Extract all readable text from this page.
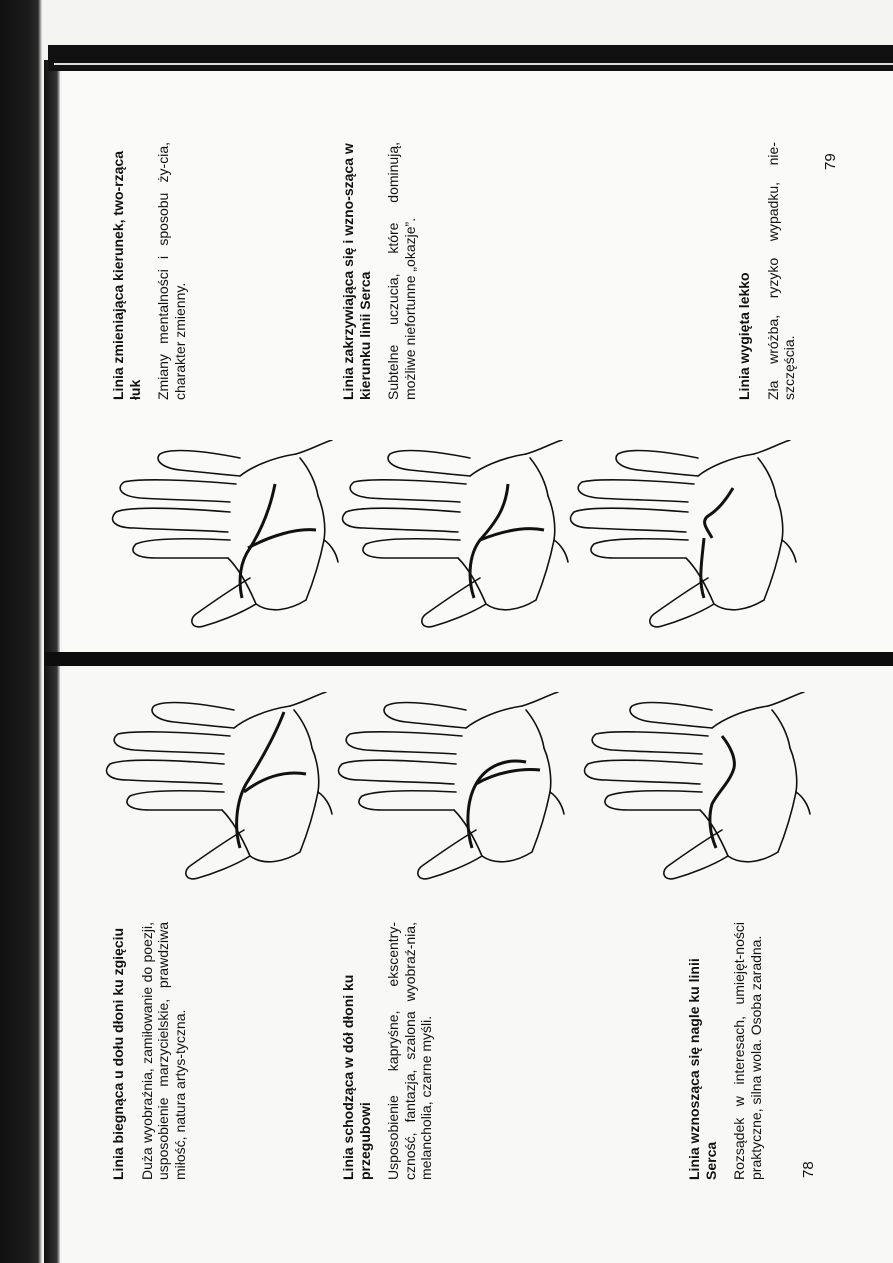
Linia zmieniająca kierunek, two-rząca łuk Zmiany mentalności i sposobu ży-cia, charakter zmienny.	Linia zakrzywiająca się i wzno-sząca w kierunku linii Serca Subtelne uczucia, które dominują, możliwe niefortunne „okazje”.	Linia wygięta lekko Zła wróżba, ryzyko wypadku, nie-szczęścia.

79

Linia biegnąca u dołu dłoni ku zgięciu Duża wyobraźnia, zamiłowanie do poezji, usposobienie marzycielskie, prawdziwa miłość, natura artys-tyczna.	Linia schodząca w dół dłoni ku przegubowi Usposobienie kapryśne, ekscentry-czność, fantazja, szalona wyobraź-nia, melancholia, czarne myśli.	Linia wznosząca się nagle ku linii Serca Rozsądek w interesach, umiejęt-ności praktyczne, silna wola. Osoba zaradna. 78
